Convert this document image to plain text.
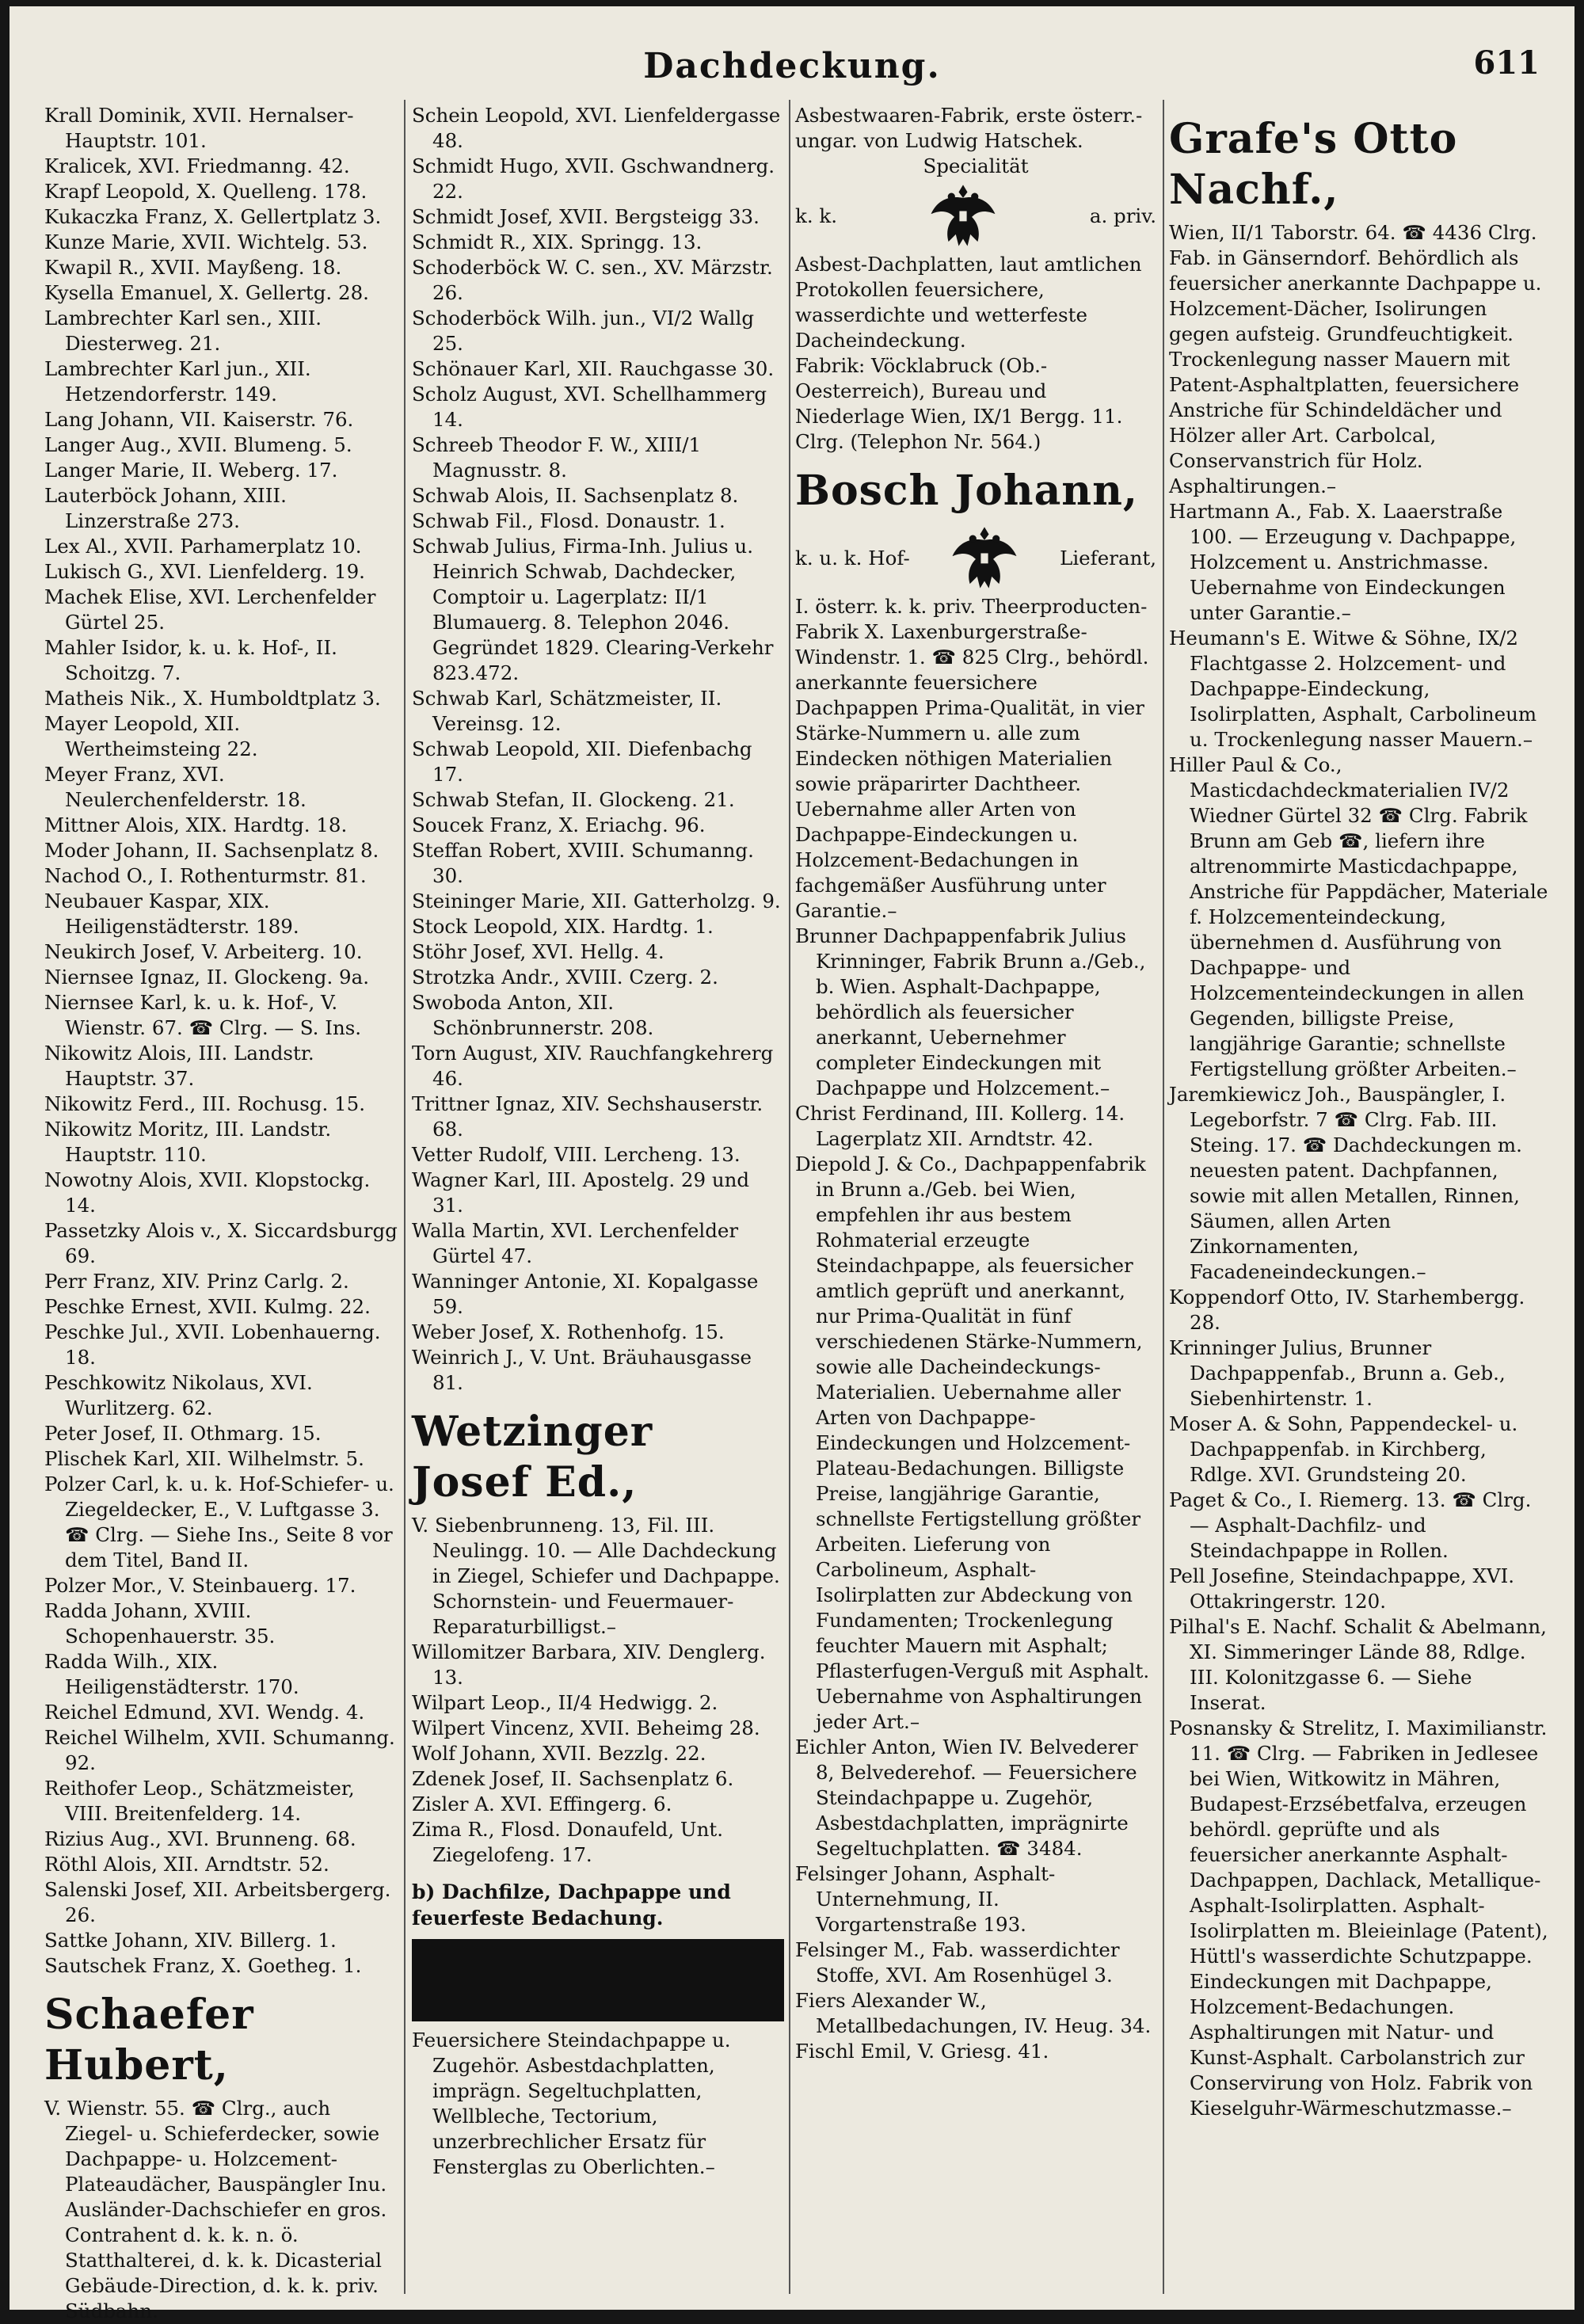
Dachdeckung.	611
Krall Dominik, XVII. Hernalser-Hauptstr. 101.
Kralicek, XVI. Friedmanng. 42.
Krapf Leopold, X. Quelleng. 178.
Kukaczka Franz, X. Gellertplatz 3.
Kunze Marie, XVII. Wichtelg. 53.
Kwapil R., XVII. Mayßeng. 18.
Kysella Emanuel, X. Gellertg. 28.
Lambrechter Karl sen., XIII. Diesterweg. 21.
Lambrechter Karl jun., XII. Hetzendorferstr. 149.
Lang Johann, VII. Kaiserstr. 76.
Langer Aug., XVII. Blumeng. 5.
Langer Marie, II. Weberg. 17.
Lauterböck Johann, XIII. Linzerstraße 273.
Lex Al., XVII. Parhamerplatz 10.
Lukisch G., XVI. Lienfelderg. 19.
Machek Elise, XVI. Lerchenfelder Gürtel 25.
Mahler Isidor, k. u. k. Hof-, II. Schoitzg. 7.
Matheis Nik., X. Humboldtplatz 3.
Mayer Leopold, XII. Wertheimsteing 22.
Meyer Franz, XVI. Neulerchenfelderstr. 18.
Mittner Alois, XIX. Hardtg. 18.
Moder Johann, II. Sachsenplatz 8.
Nachod O., I. Rothenturmstr. 81.
Neubauer Kaspar, XIX. Heiligenstädterstr. 189.
Neukirch Josef, V. Arbeiterg. 10.
Niernsee Ignaz, II. Glockeng. 9a.
Niernsee Karl, k. u. k. Hof-, V. Wienstr. 67. ☎ Clrg. — S. Ins.
Nikowitz Alois, III. Landstr. Hauptstr. 37.
Nikowitz Ferd., III. Rochusg. 15.
Nikowitz Moritz, III. Landstr. Hauptstr. 110.
Nowotny Alois, XVII. Klopstockg. 14.
Passetzky Alois v., X. Siccardsburgg 69.
Perr Franz, XIV. Prinz Carlg. 2.
Peschke Ernest, XVII. Kulmg. 22.
Peschke Jul., XVII. Lobenhauerng. 18.
Peschkowitz Nikolaus, XVI. Wurlitzerg. 62.
Peter Josef, II. Othmarg. 15.
Plischek Karl, XII. Wilhelmstr. 5.
Polzer Carl, k. u. k. Hof-Schiefer- u. Ziegeldecker, E., V. Luftgasse 3. ☎ Clrg. — Siehe Ins., Seite 8 vor dem Titel, Band II.
Polzer Mor., V. Steinbauerg. 17.
Radda Johann, XVIII. Schopenhauerstr. 35.
Radda Wilh., XIX. Heiligenstädterstr. 170.
Reichel Edmund, XVI. Wendg. 4.
Reichel Wilhelm, XVII. Schumanng. 92.
Reithofer Leop., Schätzmeister, VIII. Breitenfelderg. 14.
Rizius Aug., XVI. Brunneng. 68.
Röthl Alois, XII. Arndtstr. 52.
Salenski Josef, XII. Arbeitsbergerg. 26.
Sattke Johann, XIV. Billerg. 1.
Sautschek Franz, X. Goetheg. 1.
Schaefer Hubert,
V. Wienstr. 55. ☎ Clrg., auch Ziegel- u. Schieferdecker, sowie Dachpappe- u. Holzcement-Plateaudächer, Bauspängler Inu. Ausländer-Dachschiefer en gros. Contrahent d. k. k. n. ö. Statthalterei, d. k. k. Dicasterial Gebäude-Direction, d. k. k. priv. Südbahn.
Schein Leopold, XVI. Lienfeldergasse 48.
Schmidt Hugo, XVII. Gschwandnerg. 22.
Schmidt Josef, XVII. Bergsteigg 33.
Schmidt R., XIX. Springg. 13.
Schoderböck W. C. sen., XV. Märzstr. 26.
Schoderböck Wilh. jun., VI/2 Wallg 25.
Schönauer Karl, XII. Rauchgasse 30.
Scholz August, XVI. Schellhammerg 14.
Schreeb Theodor F. W., XIII/1 Magnusstr. 8.
Schwab Alois, II. Sachsenplatz 8.
Schwab Fil., Flosd. Donaustr. 1.
Schwab Julius, Firma-Inh. Julius u. Heinrich Schwab, Dachdecker, Comptoir u. Lagerplatz: II/1 Blumauerg. 8. Telephon 2046. Gegründet 1829. Clearing-Verkehr 823.472.
Schwab Karl, Schätzmeister, II. Vereinsg. 12.
Schwab Leopold, XII. Diefenbachg 17.
Schwab Stefan, II. Glockeng. 21.
Soucek Franz, X. Eriachg. 96.
Steffan Robert, XVIII. Schumanng. 30.
Steininger Marie, XII. Gatterholzg. 9.
Stock Leopold, XIX. Hardtg. 1.
Stöhr Josef, XVI. Hellg. 4.
Strotzka Andr., XVIII. Czerg. 2.
Swoboda Anton, XII. Schönbrunnerstr. 208.
Torn August, XIV. Rauchfangkehrerg 46.
Trittner Ignaz, XIV. Sechshauserstr. 68.
Vetter Rudolf, VIII. Lercheng. 13.
Wagner Karl, III. Apostelg. 29 und 31.
Walla Martin, XVI. Lerchenfelder Gürtel 47.
Wanninger Antonie, XI. Kopalgasse 59.
Weber Josef, X. Rothenhofg. 15.
Weinrich J., V. Unt. Bräuhausgasse 81.
Wetzinger Josef Ed.,
V. Siebenbrunneng. 13, Fil. III. Neulingg. 10. — Alle Dachdeckung in Ziegel, Schiefer und Dachpappe. Schornstein- und Feuermauer-Reparaturbilligst.–
Willomitzer Barbara, XIV. Denglerg. 13.
Wilpart Leop., II/4 Hedwigg. 2.
Wilpert Vincenz, XVII. Beheimg 28.
Wolf Johann, XVII. Bezzlg. 22.
Zdenek Josef, II. Sachsenplatz 6.
Zisler A. XVI. Effingerg. 6.
Zima R., Flosd. Donaufeld, Unt. Ziegelofeng. 17.
b) Dachfilze, Dachpappe und feuerfeste Bedachung.
Feuersichere Steindachpappe u. Zugehör. Asbestdachplatten, imprägn. Segeltuchplatten, Wellbleche, Tectorium, unzerbrechlicher Ersatz für Fensterglas zu Oberlichten.–

Asbestwaaren-Fabrik, erste österr.-ungar. von Ludwig Hatschek.

Specialität

k. k.	a. priv.

Asbest-Dachplatten, laut amtlichen Protokollen feuersichere, wasserdichte und wetterfeste Dacheindeckung.

Fabrik: Vöcklabruck (Ob.-Oesterreich), Bureau und Niederlage Wien, IX/1 Bergg. 11. Clrg. (Telephon Nr. 564.)

Bosch Johann,
k. u. k. Hof-	Lieferant,

I. österr. k. k. priv. Theerproducten-Fabrik X. Laxenburgerstraße-Windenstr. 1. ☎ 825 Clrg., behördl. anerkannte feuersichere Dachpappen Prima-Qualität, in vier Stärke-Nummern u. alle zum Eindecken nöthigen Materialien sowie präparirter Dachtheer. Uebernahme aller Arten von Dachpappe-Eindeckungen u. Holzcement-Bedachungen in fachgemäßer Ausführung unter Garantie.–

Brunner Dachpappenfabrik Julius Krinninger, Fabrik Brunn a./Geb., b. Wien. Asphalt-Dachpappe, behördlich als feuersicher anerkannt, Uebernehmer completer Eindeckungen mit Dachpappe und Holzcement.–
Christ Ferdinand, III. Kollerg. 14. Lagerplatz XII. Arndtstr. 42.
Diepold J. & Co., Dachpappenfabrik in Brunn a./Geb. bei Wien, empfehlen ihr aus bestem Rohmaterial erzeugte Steindachpappe, als feuersicher amtlich geprüft und anerkannt, nur Prima-Qualität in fünf verschiedenen Stärke-Nummern, sowie alle Dacheindeckungs-Materialien. Uebernahme aller Arten von Dachpappe-Eindeckungen und Holzcement-Plateau-Bedachungen. Billigste Preise, langjährige Garantie, schnellste Fertigstellung größter Arbeiten. Lieferung von Carbolineum, Asphalt-Isolirplatten zur Abdeckung von Fundamenten; Trockenlegung feuchter Mauern mit Asphalt; Pflasterfugen-Verguß mit Asphalt. Uebernahme von Asphaltirungen jeder Art.–
Eichler Anton, Wien IV. Belvederег 8, Belvederehof. — Feuersichere Steindachpappe u. Zugehör, Asbestdachplatten, imprägnirte Segeltuchplatten. ☎ 3484.
Felsinger Johann, Asphalt-Unternehmung, II. Vorgartenstraße 193.
Felsinger M., Fab. wasserdichter Stoffe, XVI. Am Rosenhügel 3.
Fiers Alexander W., Metallbedachungen, IV. Heug. 34.
Fischl Emil, V. Griesg. 41.
Grafe's Otto Nachf.,

Wien, II/1 Taborstr. 64. ☎ 4436 Clrg. Fab. in Gänserndorf. Behördlich als feuersicher anerkannte Dachpappe u. Holzcement-Dächer, Isolirungen gegen aufsteig. Grundfeuchtigkeit. Trockenlegung nasser Mauern mit Patent-Asphaltplatten, feuersichere Anstriche für Schindeldächer und Hölzer aller Art. Carbolcal, Conservanstrich für Holz. Asphaltirungen.–

Hartmann A., Fab. X. Laaerstraße 100. — Erzeugung v. Dachpappe, Holzcement u. Anstrichmasse. Uebernahme von Eindeckungen unter Garantie.–
Heumann's E. Witwe & Söhne, IX/2 Flachtgasse 2. Holzcement- und Dachpappe-Eindeckung, Isolirplatten, Asphalt, Carbolineum u. Trockenlegung nasser Mauern.–
Hiller Paul & Co., Masticdachdeckmaterialien IV/2 Wiedner Gürtel 32 ☎ Clrg. Fabrik Brunn am Geb ☎, liefern ihre altrenommirte Masticdachpappe, Anstriche für Pappdächer, Materiale f. Holzcementeindeckung, übernehmen d. Ausführung von Dachpappe- und Holzcementeindeckungen in allen Gegenden, billigste Preise, langjährige Garantie; schnellste Fertigstellung größter Arbeiten.–
Jaremkiewicz Joh., Bauspängler, I. Legeborfstr. 7 ☎ Clrg. Fab. III. Steing. 17. ☎ Dachdeckungen m. neuesten patent. Dachpfannen, sowie mit allen Metallen, Rinnen, Säumen, allen Arten Zinkornamenten, Facadeneindeckungen.–
Koppendorf Otto, IV. Starhembergg. 28.
Krinninger Julius, Brunner Dachpappenfab., Brunn a. Geb., Siebenhirtenstr. 1.
Moser A. & Sohn, Pappendeckel- u. Dachpappenfab. in Kirchberg, Rdlge. XVI. Grundsteing 20.
Paget & Co., I. Riemerg. 13. ☎ Clrg. — Asphalt-Dachfilz- und Steindachpappe in Rollen.
Pell Josefine, Steindachpappe, XVI. Ottakringerstr. 120.
Pilhal's E. Nachf. Schalit & Abelmann, XI. Simmeringer Lände 88, Rdlge. III. Kolonitzgasse 6. — Siehe Inserat.
Posnansky & Strelitz, I. Maximilianstr. 11. ☎ Clrg. — Fabriken in Jedlesee bei Wien, Witkowitz in Mähren, Budapest-Erzsébetfalva, erzeugen behördl. geprüfte und als feuersicher anerkannte Asphalt-Dachpappen, Dachlack, Metallique-Asphalt-Isolirplatten. Asphalt-Isolirplatten m. Bleieinlage (Patent), Hüttl's wasserdichte Schutzpappe. Eindeckungen mit Dachpappe, Holzcement-Bedachungen. Asphaltirungen mit Natur- und Kunst-Asphalt. Carbolanstrich zur Conservirung von Holz. Fabrik von Kieselguhr-Wärmeschutzmasse.–
